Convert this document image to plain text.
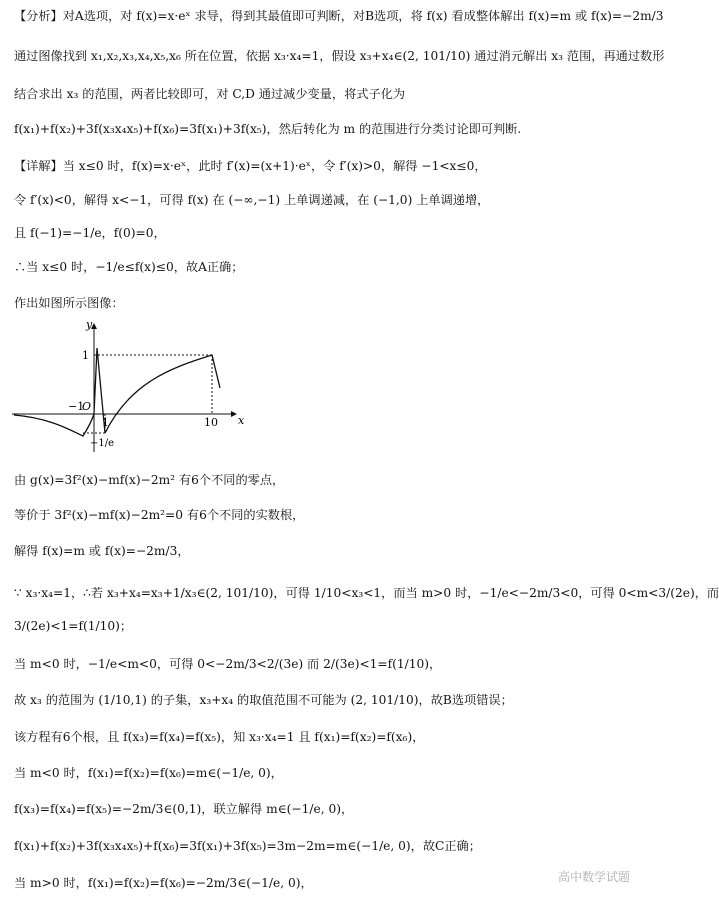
【分析】对A选项，对 f(x)=x·eˣ 求导，得到其最值即可判断，对B选项，将 f(x) 看成整体解出 f(x)=m 或 f(x)=−2m/3
通过图像找到 x₁,x₂,x₃,x₄,x₅,x₆ 所在位置，依据 x₃·x₄=1，假设 x₃+x₄∈(2, 101/10) 通过消元解出 x₃ 范围，再通过数形
结合求出 x₃ 的范围，两者比较即可，对 C,D 通过减少变量，将式子化为
f(x₁)+f(x₂)+3f(x₃x₄x₅)+f(x₆)=3f(x₁)+3f(x₅)，然后转化为 m 的范围进行分类讨论即可判断.
【详解】当 x≤0 时，f(x)=x·eˣ，此时 f′(x)=(x+1)·eˣ，令 f′(x)>0，解得 −1<x≤0，
令 f′(x)<0，解得 x<−1，可得 f(x) 在 (−∞,−1) 上单调递减，在 (−1,0) 上单调递增，
且 f(−1)=−1/e，f(0)=0，
∴当 x≤0 时，−1/e≤f(x)≤0，故A正确；
作出如图所示图像：
y
x
1
−1
O
1
−1/e
10
由 g(x)=3f²(x)−mf(x)−2m² 有6个不同的零点，
等价于 3f²(x)−mf(x)−2m²=0 有6个不同的实数根，
解得 f(x)=m 或 f(x)=−2m/3，
∵ x₃·x₄=1，∴若 x₃+x₄=x₃+1/x₃∈(2, 101/10)，可得 1/10<x₃<1，而当 m>0 时，−1/e<−2m/3<0，可得 0<m<3/(2e)，而
3/(2e)<1=f(1/10)；
当 m<0 时，−1/e<m<0，可得 0<−2m/3<2/(3e) 而 2/(3e)<1=f(1/10)，
故 x₃ 的范围为 (1/10,1) 的子集，x₃+x₄ 的取值范围不可能为 (2, 101/10)，故B选项错误；
该方程有6个根，且 f(x₃)=f(x₄)=f(x₅)，知 x₃·x₄=1 且 f(x₁)=f(x₂)=f(x₆)，
当 m<0 时，f(x₁)=f(x₂)=f(x₆)=m∈(−1/e, 0)，
f(x₃)=f(x₄)=f(x₅)=−2m/3∈(0,1)，联立解得 m∈(−1/e, 0)，
f(x₁)+f(x₂)+3f(x₃x₄x₅)+f(x₆)=3f(x₁)+3f(x₅)=3m−2m=m∈(−1/e, 0)，故C正确；
当 m>0 时，f(x₁)=f(x₂)=f(x₆)=−2m/3∈(−1/e, 0)，	高中数学试题
